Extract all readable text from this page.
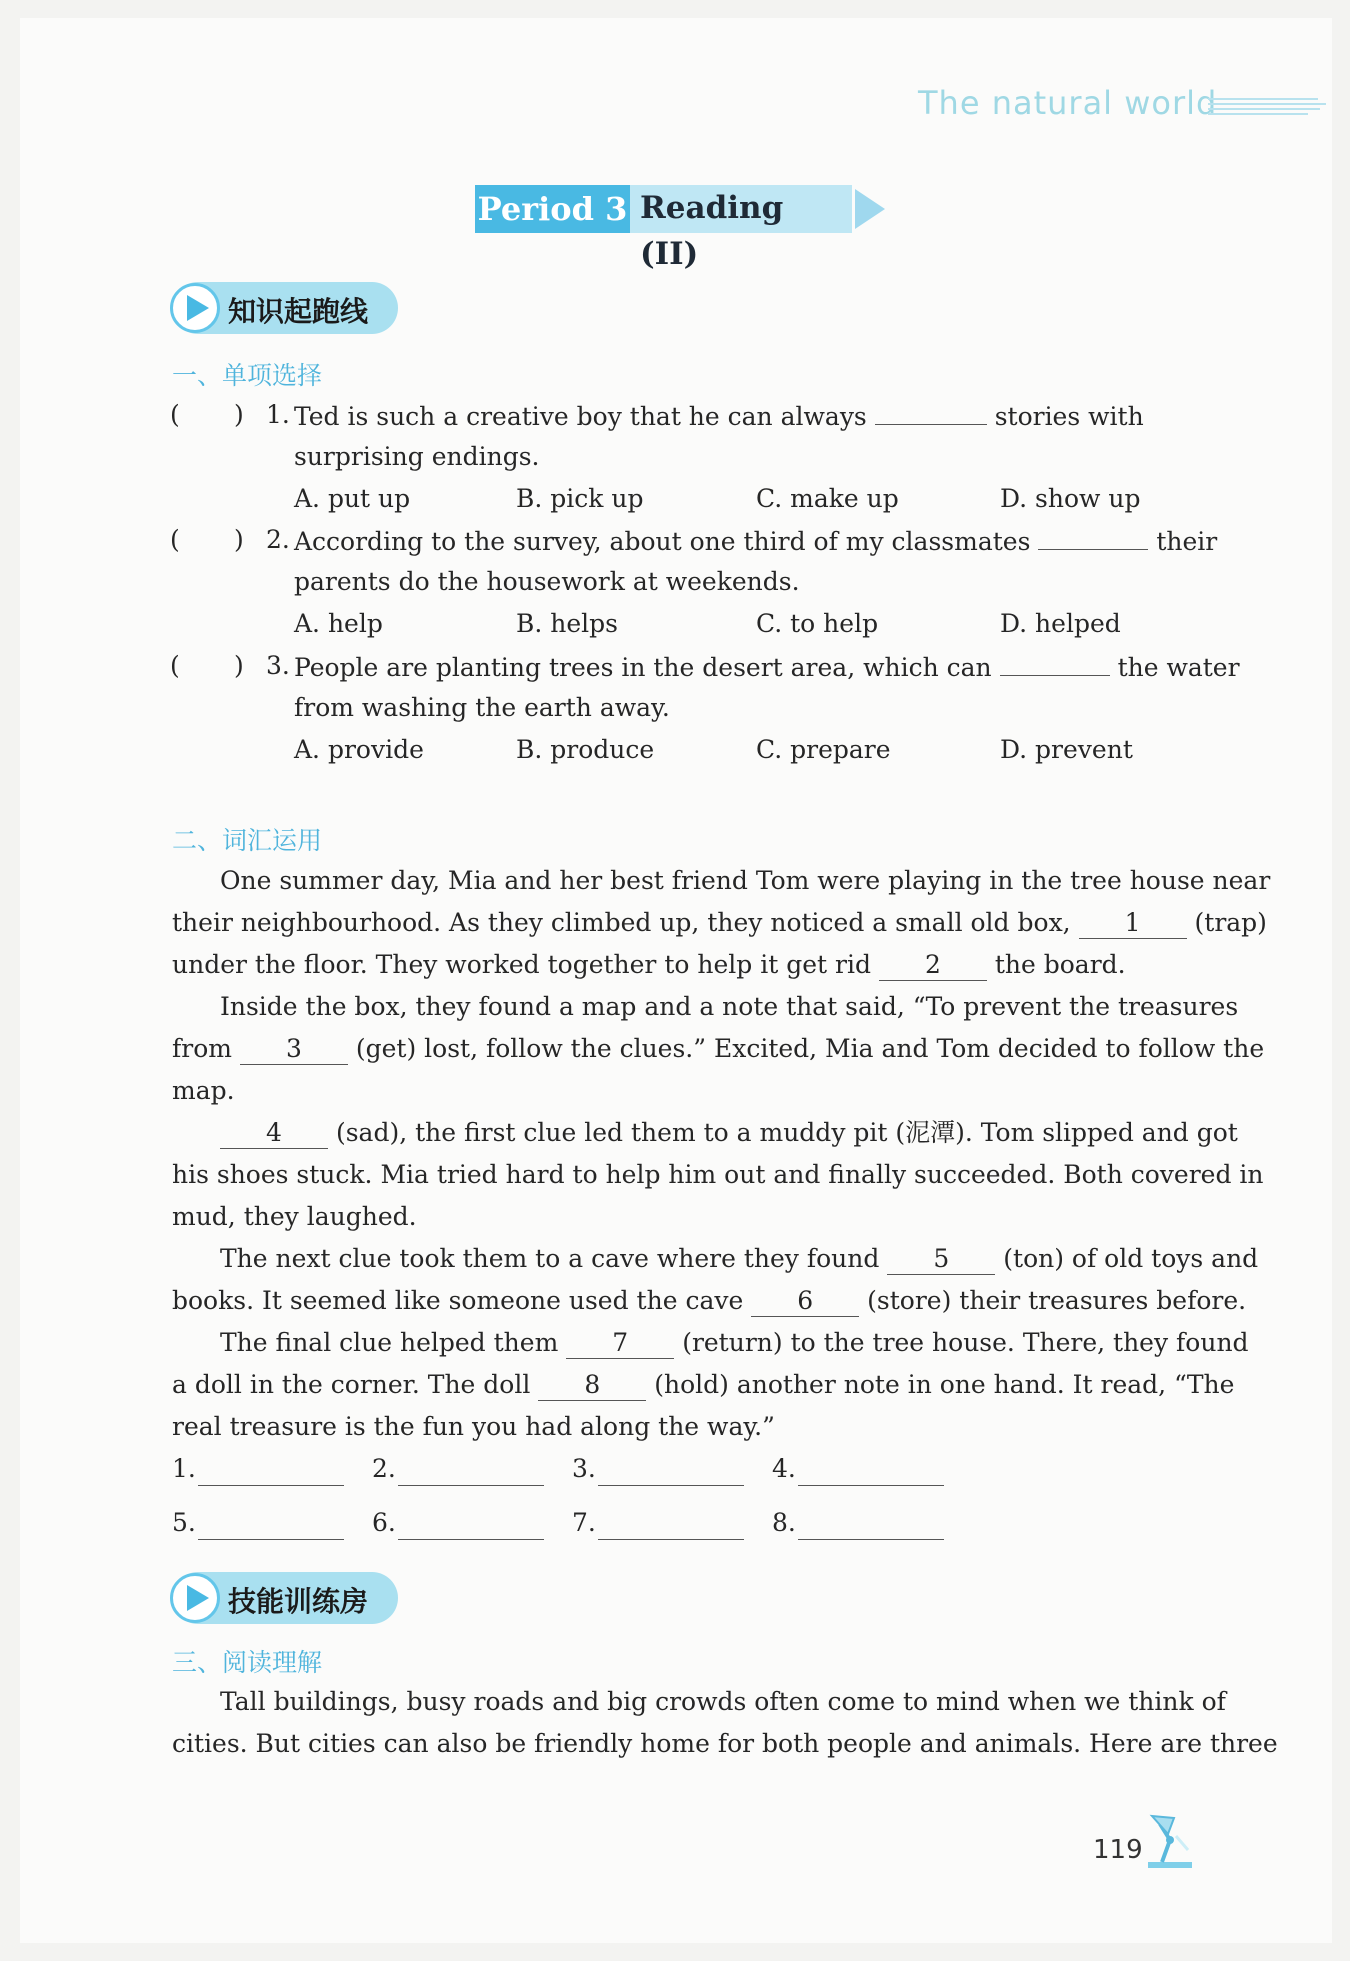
The natural world
Period 3 Reading (II)
知识起跑线
一、单项选择
( ) 1. Ted is such a creative boy that he can always	stories with
surprising endings.
A. put up	B. pick up	C. make up	D. show up
( ) 2. According to the survey, about one third of my classmates	their
parents do the housework at weekends.
A. help	B. helps	C. to help	D. helped
( ) 3. People are planting trees in the desert area, which can	the water
from washing the earth away.
A. provide	B. produce	C. prepare	D. prevent
二、词汇运用
One summer day, Mia and her best friend Tom were playing in the tree house near
their neighbourhood. As they climbed up, they noticed a small old box, 1 (trap)
under the floor. They worked together to help it get rid 2 the board.
Inside the box, they found a map and a note that said, “To prevent the treasures
from 3 (get) lost, follow the clues.” Excited, Mia and Tom decided to follow the
map.
4 (sad), the first clue led them to a muddy pit (泥潭). Tom slipped and got
his shoes stuck. Mia tried hard to help him out and finally succeeded. Both covered in
mud, they laughed.
The next clue took them to a cave where they found 5 (ton) of old toys and
books. It seemed like someone used the cave 6 (store) their treasures before.
The final clue helped them 7 (return) to the tree house. There, they found
a doll in the corner. The doll 8 (hold) another note in one hand. It read, “The
real treasure is the fun you had along the way.”
1.	2.	3.	4.
5.	6.	7.	8.
技能训练房
三、阅读理解
Tall buildings, busy roads and big crowds often come to mind when we think of
cities. But cities can also be friendly home for both people and animals. Here are three
119
